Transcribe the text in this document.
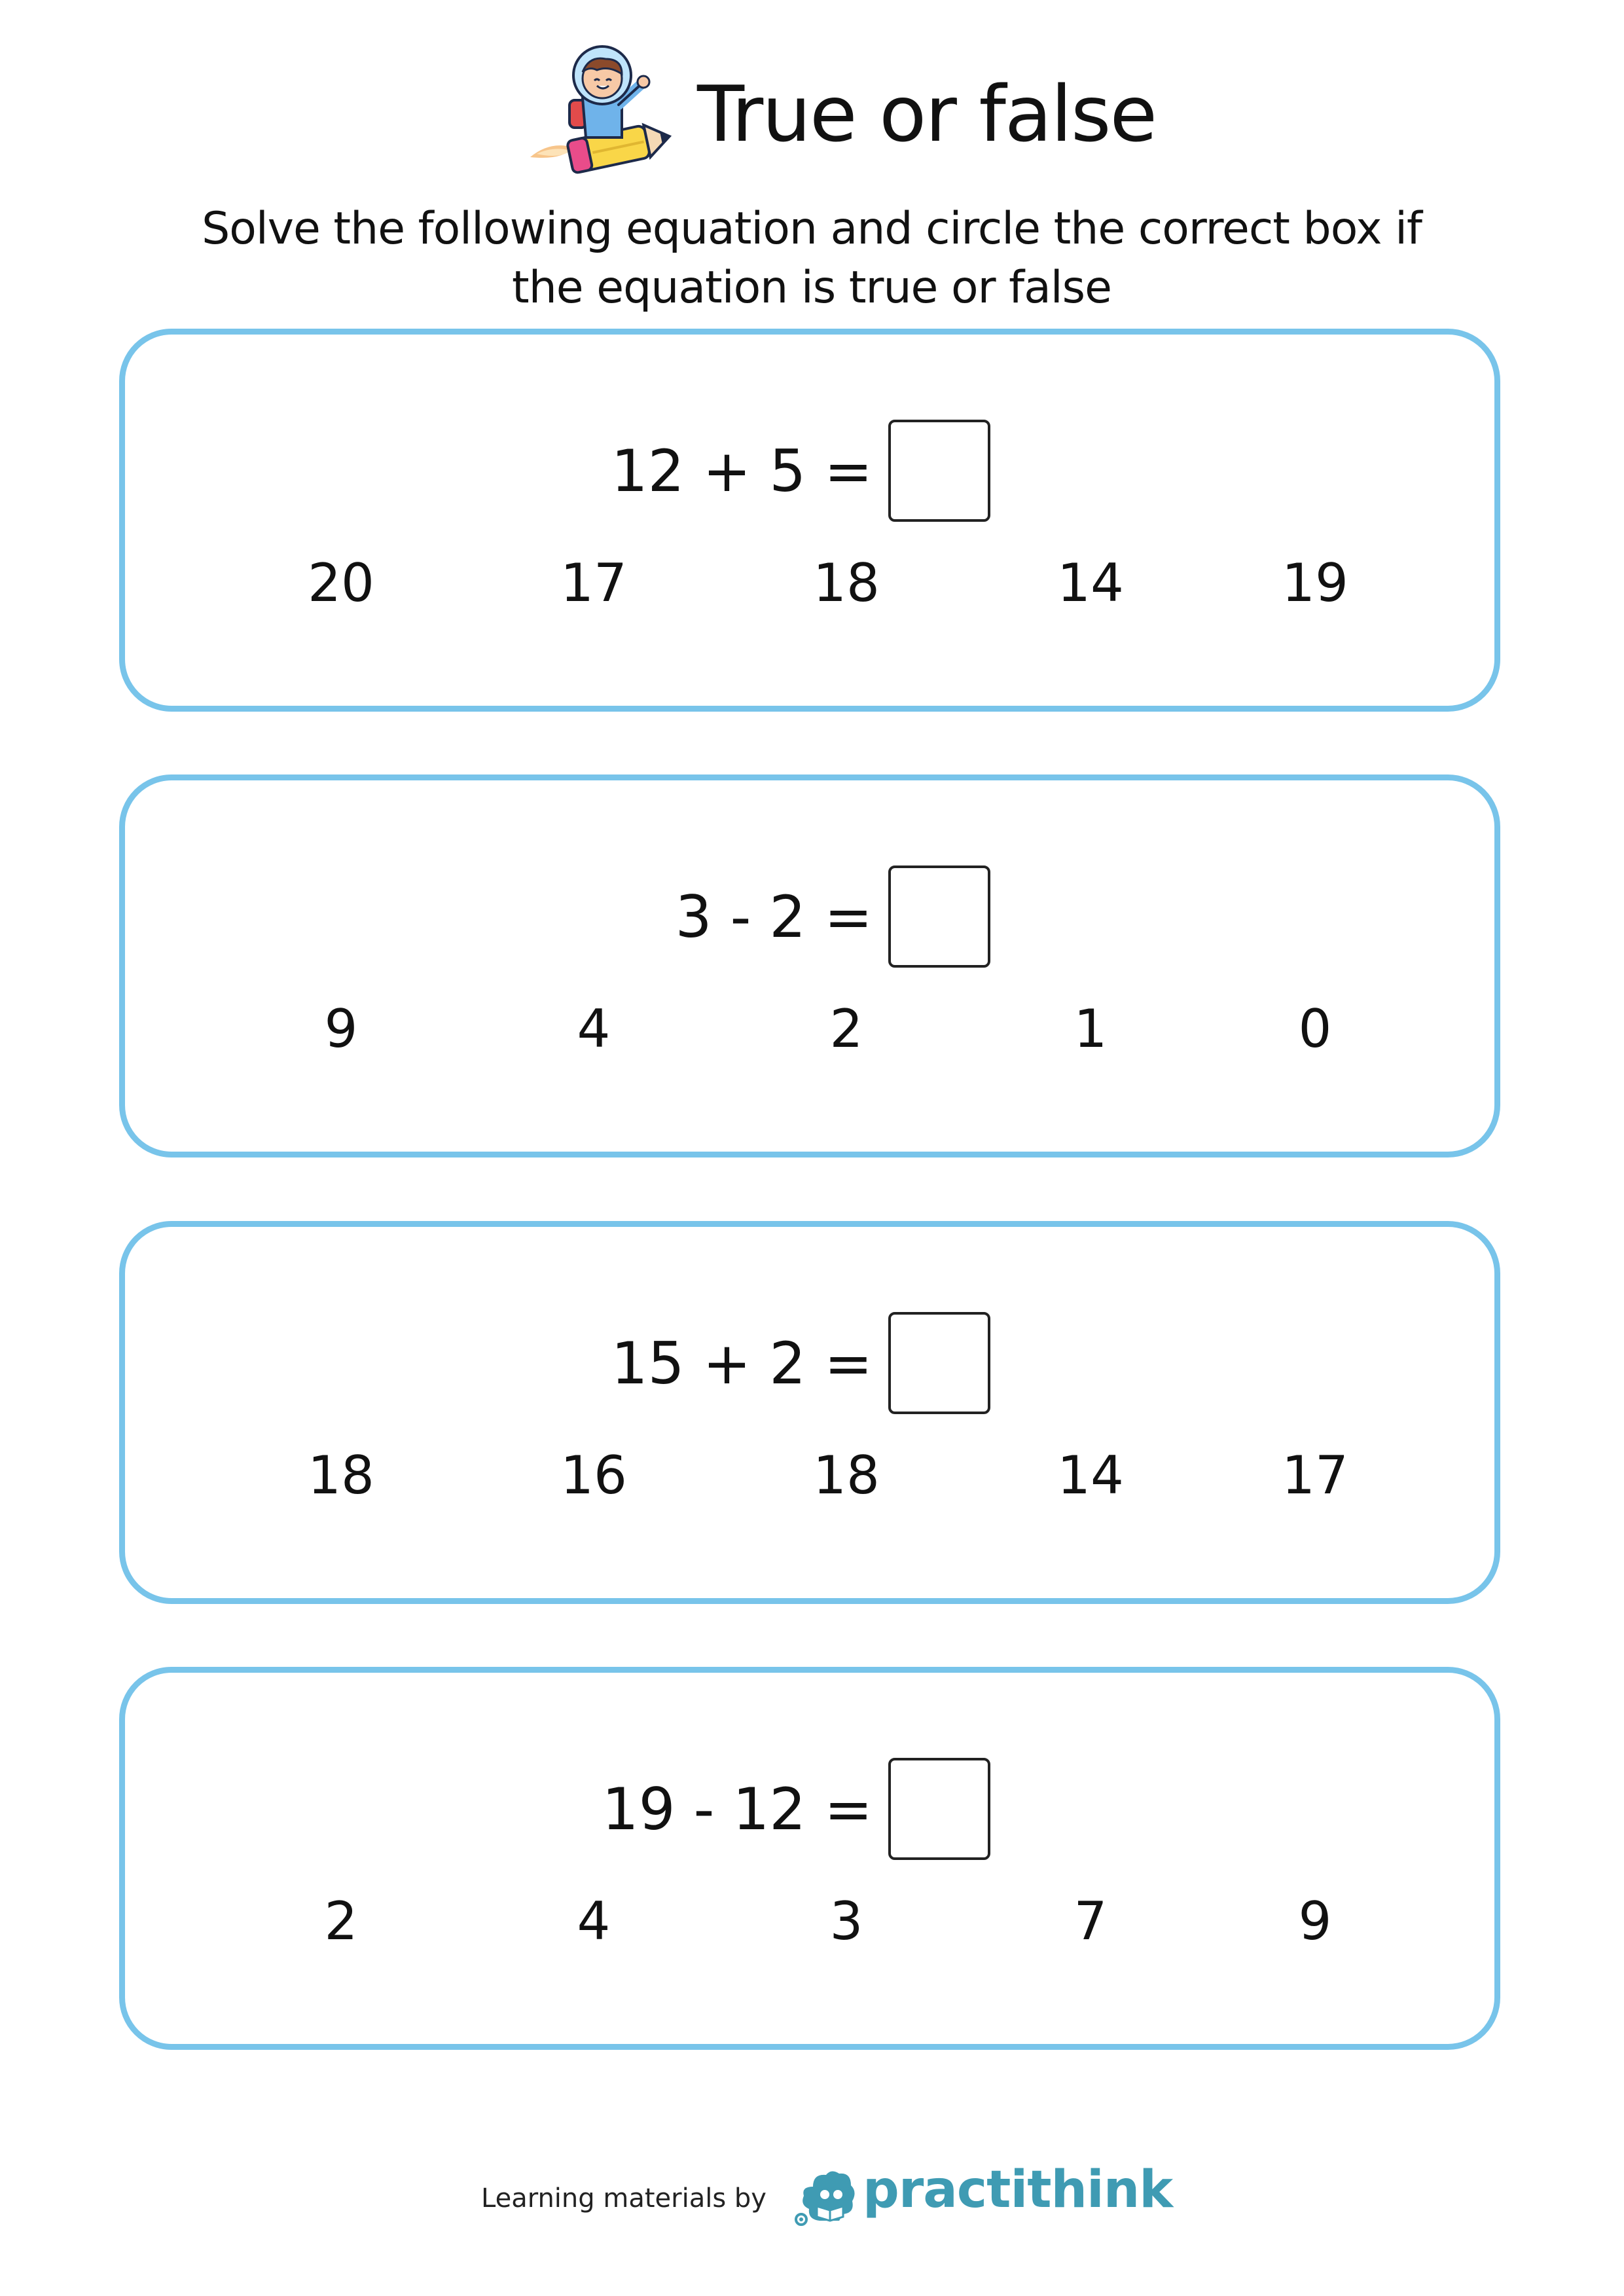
True or false
Solve the following equation and circle the correct box if the equation is true or false
12 + 5 =
20	17	18	14	19
3 - 2 =
9	4	2	1	0
15 + 2 =
18	16	18	14	17
19 - 12 =
2	4	3	7	9
Learning materials by practithink
